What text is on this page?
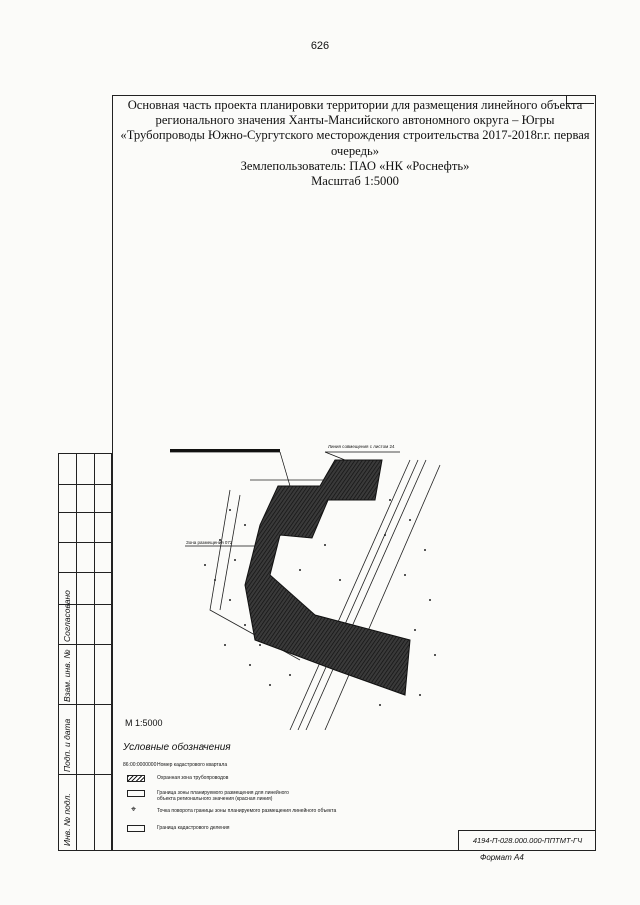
626
Основная часть проекта планировки территории для размещения линейного объекта
регионального значения Ханты-Мансийского автономного округа – Югры
«Трубопроводы Южно-Сургутского месторождения строительства 2017-2018г.г. первая
очередь»
Землепользователь: ПАО «НК «Роснефть»
Масштаб 1:5000
Согласовано
Взам. инв. №
Подп. и дата
Инв. № подл.
Линия совмещения с листом 24
Зона размещения 072
М 1:5000
Условные обозначения
86:00:0000000 Номер кадастрового квартала
Охранная зона трубопроводов
Граница зоны планируемого размещения для линейного объекта регионального значения (красная линия)
⌖	Точка поворота границы зоны планируемого размещения линейного объекта
Граница кадастрового деления
4194-П-028.000.000-ППТМТ-ГЧ
Формат А4
